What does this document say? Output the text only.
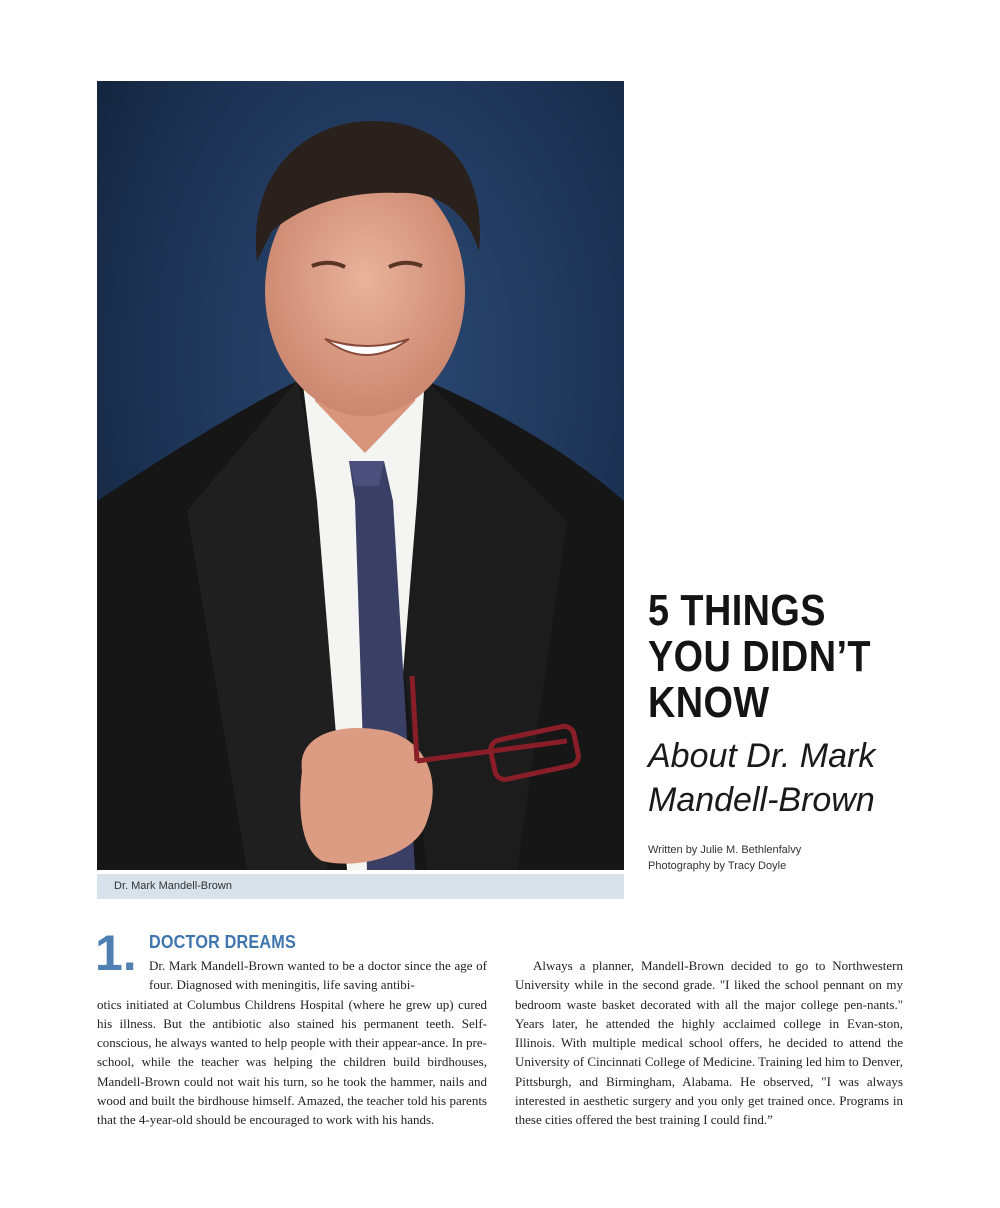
Dr. Mark Mandell-Brown
5 THINGS
YOU DIDN’T
KNOW
About Dr. Mark
Mandell-Brown
Written by Julie M. Bethlenfalvy
Photography by Tracy Doyle
1. DOCTOR DREAMS

Dr. Mark Mandell-Brown wanted to be a doctor since the age of four. Diagnosed with meningitis, life saving antibi-

otics initiated at Columbus Childrens Hospital (where he grew up) cured his illness. But the antibiotic also stained his permanent teeth. Self-conscious, he always wanted to help people with their appear-ance. In pre-school, while the teacher was helping the children build birdhouses, Mandell-Brown could not wait his turn, so he took the hammer, nails and wood and built the birdhouse himself. Amazed, the teacher told his parents that the 4-year-old should be encouraged to work with his hands.

Always a planner, Mandell-Brown decided to go to Northwestern University while in the second grade. "I liked the school pennant on my bedroom waste basket decorated with all the major college pen-nants." Years later, he attended the highly acclaimed college in Evan-ston, Illinois. With multiple medical school offers, he decided to attend the University of Cincinnati College of Medicine. Training led him to Denver, Pittsburgh, and Birmingham, Alabama. He observed, "I was always interested in aesthetic surgery and you only get trained once. Programs in these cities offered the best training I could find.”
